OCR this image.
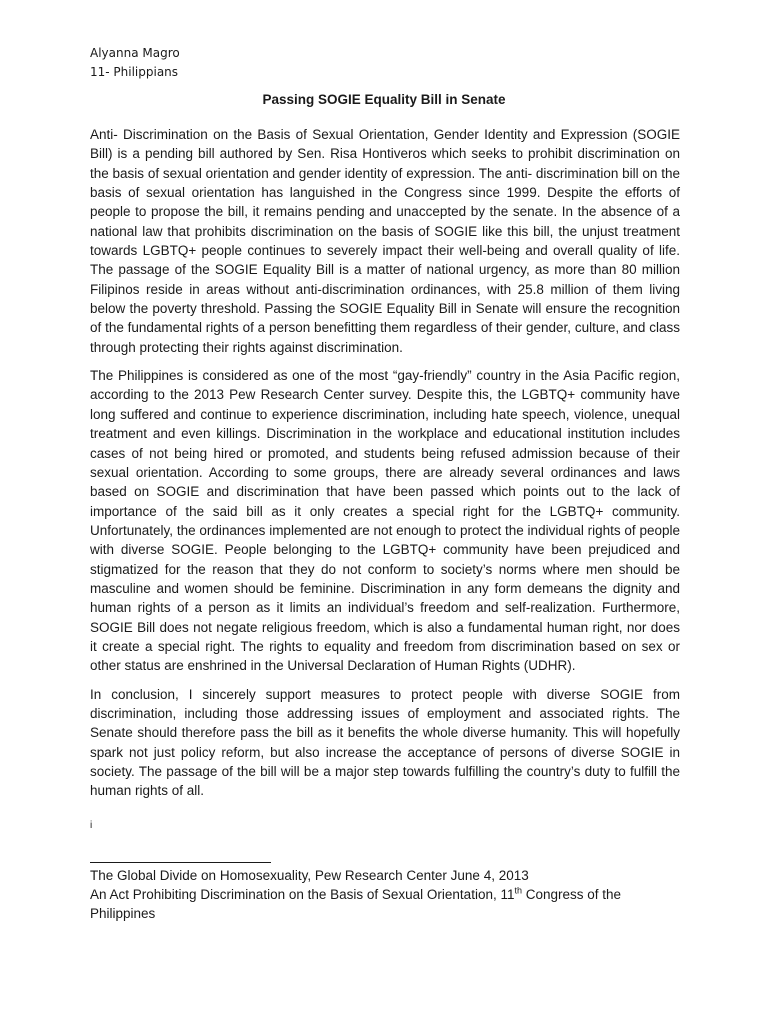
Alyanna Magro
11- Philippians
Passing SOGIE Equality Bill in Senate

Anti- Discrimination on the Basis of Sexual Orientation, Gender Identity and Expression (SOGIE Bill) is a pending bill authored by Sen. Risa Hontiveros which seeks to prohibit discrimination on the basis of sexual orientation and gender identity of expression. The anti- discrimination bill on the basis of sexual orientation has languished in the Congress since 1999. Despite the efforts of people to propose the bill, it remains pending and unaccepted by the senate. In the absence of a national law that prohibits discrimination on the basis of SOGIE like this bill, the unjust treatment towards LGBTQ+ people continues to severely impact their well-being and overall quality of life. The passage of the SOGIE Equality Bill is a matter of national urgency, as more than 80 million Filipinos reside in areas without anti-discrimination ordinances, with 25.8 million of them living below the poverty threshold. Passing the SOGIE Equality Bill in Senate will ensure the recognition of the fundamental rights of a person benefitting them regardless of their gender, culture, and class through protecting their rights against discrimination.

The Philippines is considered as one of the most “gay-friendly” country in the Asia Pacific region, according to the 2013 Pew Research Center survey. Despite this, the LGBTQ+ community have long suffered and continue to experience discrimination, including hate speech, violence, unequal treatment and even killings. Discrimination in the workplace and educational institution includes cases of not being hired or promoted, and students being refused admission because of their sexual orientation. According to some groups, there are already several ordinances and laws based on SOGIE and discrimination that have been passed which points out to the lack of importance of the said bill as it only creates a special right for the LGBTQ+ community. Unfortunately, the ordinances implemented are not enough to protect the individual rights of people with diverse SOGIE. People belonging to the LGBTQ+ community have been prejudiced and stigmatized for the reason that they do not conform to society’s norms where men should be masculine and women should be feminine. Discrimination in any form demeans the dignity and human rights of a person as it limits an individual’s freedom and self-realization. Furthermore, SOGIE Bill does not negate religious freedom, which is also a fundamental human right, nor does it create a special right. The rights to equality and freedom from discrimination based on sex or other status are enshrined in the Universal Declaration of Human Rights (UDHR).

In conclusion, I sincerely support measures to protect people with diverse SOGIE from discrimination, including those addressing issues of employment and associated rights. The Senate should therefore pass the bill as it benefits the whole diverse humanity. This will hopefully spark not just policy reform, but also increase the acceptance of persons of diverse SOGIE in society. The passage of the bill will be a major step towards fulfilling the country’s duty to fulfill the human rights of all.

i
The Global Divide on Homosexuality, Pew Research Center June 4, 2013
An Act Prohibiting Discrimination on the Basis of Sexual Orientation, 11th Congress of the Philippines
